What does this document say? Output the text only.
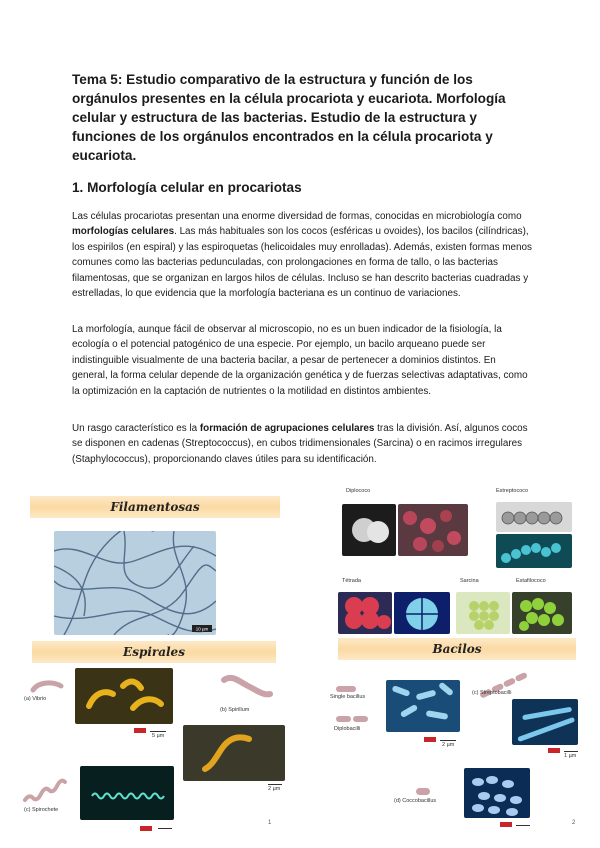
Tema 5: Estudio comparativo de la estructura y función de los orgánulos presentes en la célula procariota y eucariota. Morfología celular y estructura de las bacterias. Estudio de la estructura y funciones de los orgánulos encontrados en la célula procariota y eucariota.
1. Morfología celular en procariotas

Las células procariotas presentan una enorme diversidad de formas, conocidas en microbiología como morfologías celulares. Las más habituales son los cocos (esféricas u ovoides), los bacilos (cilíndricas), los espirilos (en espiral) y las espiroquetas (helicoidales muy enrolladas). Además, existen formas menos comunes como las bacterias pedunculadas, con prolongaciones en forma de tallo, o las bacterias filamentosas, que se organizan en largos hilos de células. Incluso se han descrito bacterias cuadradas y estrelladas, lo que evidencia que la morfología bacteriana es un continuo de variaciones.

La morfología, aunque fácil de observar al microscopio, no es un buen indicador de la fisiología, la ecología o el potencial patogénico de una especie. Por ejemplo, un bacilo arqueano puede ser indistinguible visualmente de una bacteria bacilar, a pesar de pertenecer a dominios distintos. En general, la forma celular depende de la organización genética y de fuerzas selectivas adaptativas, como la optimización en la captación de nutrientes o la motilidad en distintos ambientes.

Un rasgo característico es la formación de agrupaciones celulares tras la división. Así, algunos cocos se disponen en cadenas (Streptococcus), en cubos tridimensionales (Sarcina) o en racimos irregulares (Staphylococcus), proporcionando claves útiles para su identificación.

Filamentosas
10 µm
Espirales
(a) Vibrio
5 µm
(b) Spirillum
2 µm
(c) Spirochete
Diplococo	Estreptococo
Tétrada	Sarcina	Estafilococo
Bacilos
Single bacillus
Diplobacilli
2 µm
(c) Streptobacilli
1 µm
(d) Coccobacillus
1	2
